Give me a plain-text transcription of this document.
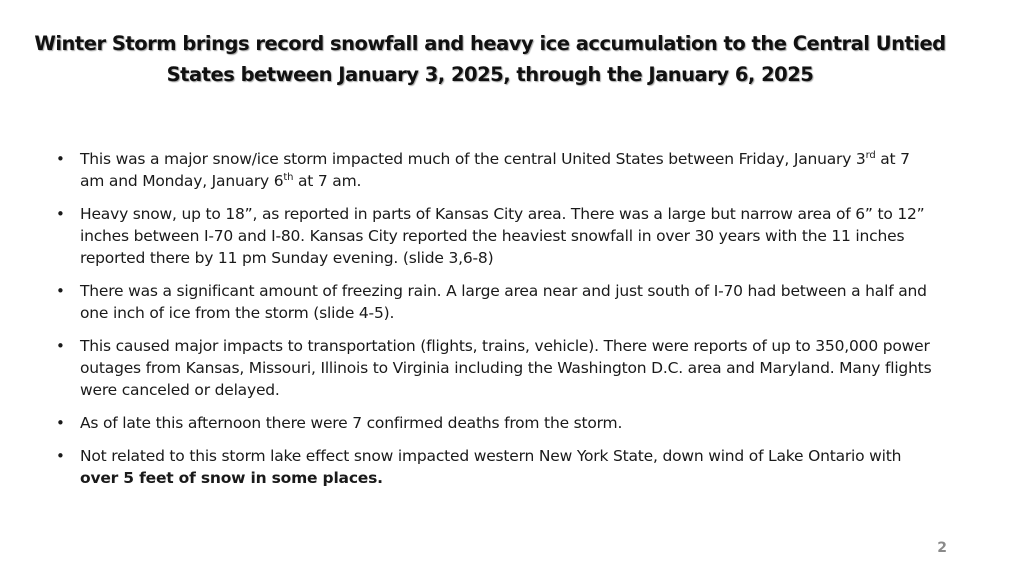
Winter Storm brings record snowfall and heavy ice accumulation to the Central Untied
States between January 3, 2025, through the January 6, 2025
• This was a major snow/ice storm impacted much of the central United States between Friday, January 3rd at 7 am and Monday, January 6th at 7 am.
• Heavy snow, up to 18”, as reported in parts of Kansas City area. There was a large but narrow area of 6” to 12” inches between I-70 and I-80. Kansas City reported the heaviest snowfall in over 30 years with the 11 inches reported there by 11 pm Sunday evening. (slide 3,6-8)
• There was a significant amount of freezing rain. A large area near and just south of I-70 had between a half and one inch of ice from the storm (slide 4-5).
• This caused major impacts to transportation (flights, trains, vehicle). There were reports of up to 350,000 power outages from Kansas, Missouri, Illinois to Virginia including the Washington D.C. area and Maryland. Many flights were canceled or delayed.
• As of late this afternoon there were 7 confirmed deaths from the storm.
• Not related to this storm lake effect snow impacted western New York State, down wind of Lake Ontario with over 5 feet of snow in some places.
2
